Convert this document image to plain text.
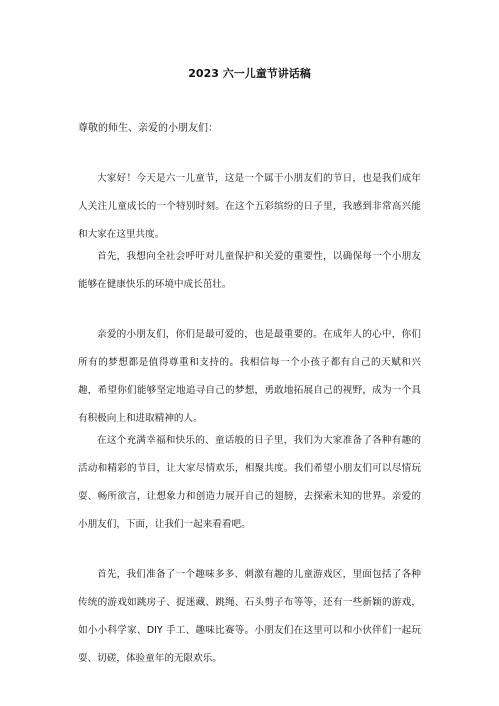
2023 六一儿童节讲话稿
尊敬的师生、亲爱的小朋友们：

大家好！今天是六一儿童节，这是一个属于小朋友们的节日，也是我们成年人关注儿童成长的一个特别时刻。在这个五彩缤纷的日子里，我感到非常高兴能和大家在这里共度。

首先，我想向全社会呼吁对儿童保护和关爱的重要性，以确保每一个小朋友能够在健康快乐的环境中成长茁壮。

亲爱的小朋友们，你们是最可爱的，也是最重要的。在成年人的心中，你们所有的梦想都是值得尊重和支持的。我相信每一个小孩子都有自己的天赋和兴趣，希望你们能够坚定地追寻自己的梦想，勇敢地拓展自己的视野，成为一个具有积极向上和进取精神的人。

在这个充满幸福和快乐的、童话般的日子里，我们为大家准备了各种有趣的活动和精彩的节目，让大家尽情欢乐，相聚共度。我们希望小朋友们可以尽情玩耍、畅所欲言，让想象力和创造力展开自己的翅膀，去探索未知的世界。亲爱的小朋友们，下面，让我们一起来看看吧。

首先，我们准备了一个趣味多多、刺激有趣的儿童游戏区，里面包括了各种传统的游戏如跳房子、捉迷藏、跳绳、石头剪子布等等，还有一些新颖的游戏，如小小科学家、DIY 手工、趣味比赛等。小朋友们在这里可以和小伙伴们一起玩耍、切磋，体验童年的无限欢乐。
